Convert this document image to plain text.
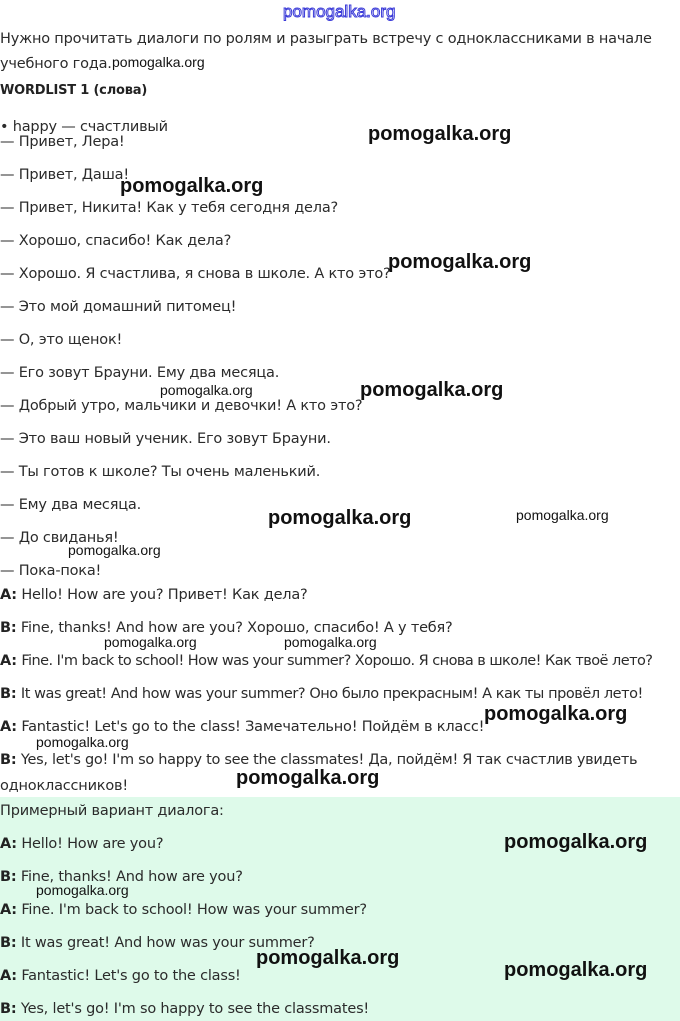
pomogalka.org
Нужно прочитать диалоги по ролям и разыграть встречу с одноклассниками в начале
учебного года.
WORDLIST 1 (слова)
• happy — счастливый
— Привет, Лера!
— Привет, Даша!
— Привет, Никита! Как у тебя сегодня дела?
— Хорошо, спасибо! Как дела?
— Хорошо. Я счастлива, я снова в школе. А кто это?
— Это мой домашний питомец!
— О, это щенок!
— Его зовут Брауни. Ему два месяца.
— Добрый утро, мальчики и девочки! А кто это?
— Это ваш новый ученик. Его зовут Брауни.
— Ты готов к школе? Ты очень маленький.
— Ему два месяца.
— До свиданья!
— Пока-пока!
A: Hello! How are you? Привет! Как дела?
B: Fine, thanks! And how are you? Хорошо, спасибо! А у тебя?
A: Fine. I'm back to school! How was your summer? Хорошо. Я снова в школе! Как твоё лето?
B: It was great! And how was your summer? Оно было прекрасным! А как ты провёл лето!
A: Fantastic! Let's go to the class! Замечательно! Пойдём в класс!
B: Yes, let's go! I'm so happy to see the classmates! Да, пойдём! Я так счастлив увидеть
одноклассников!
Примерный вариант диалога:
A: Hello! How are you?
B: Fine, thanks! And how are you?
A: Fine. I'm back to school! How was your summer?
B: It was great! And how was your summer?
A: Fantastic! Let's go to the class!
B: Yes, let's go! I'm so happy to see the classmates!
pomogalka.org
pomogalka.org
pomogalka.org
pomogalka.org
pomogalka.org	pomogalka.org
pomogalka.org	pomogalka.org
pomogalka.org
pomogalka.org	pomogalka.org
pomogalka.org
pomogalka.org
pomogalka.org
pomogalka.org
pomogalka.org
pomogalka.org
pomogalka.org
